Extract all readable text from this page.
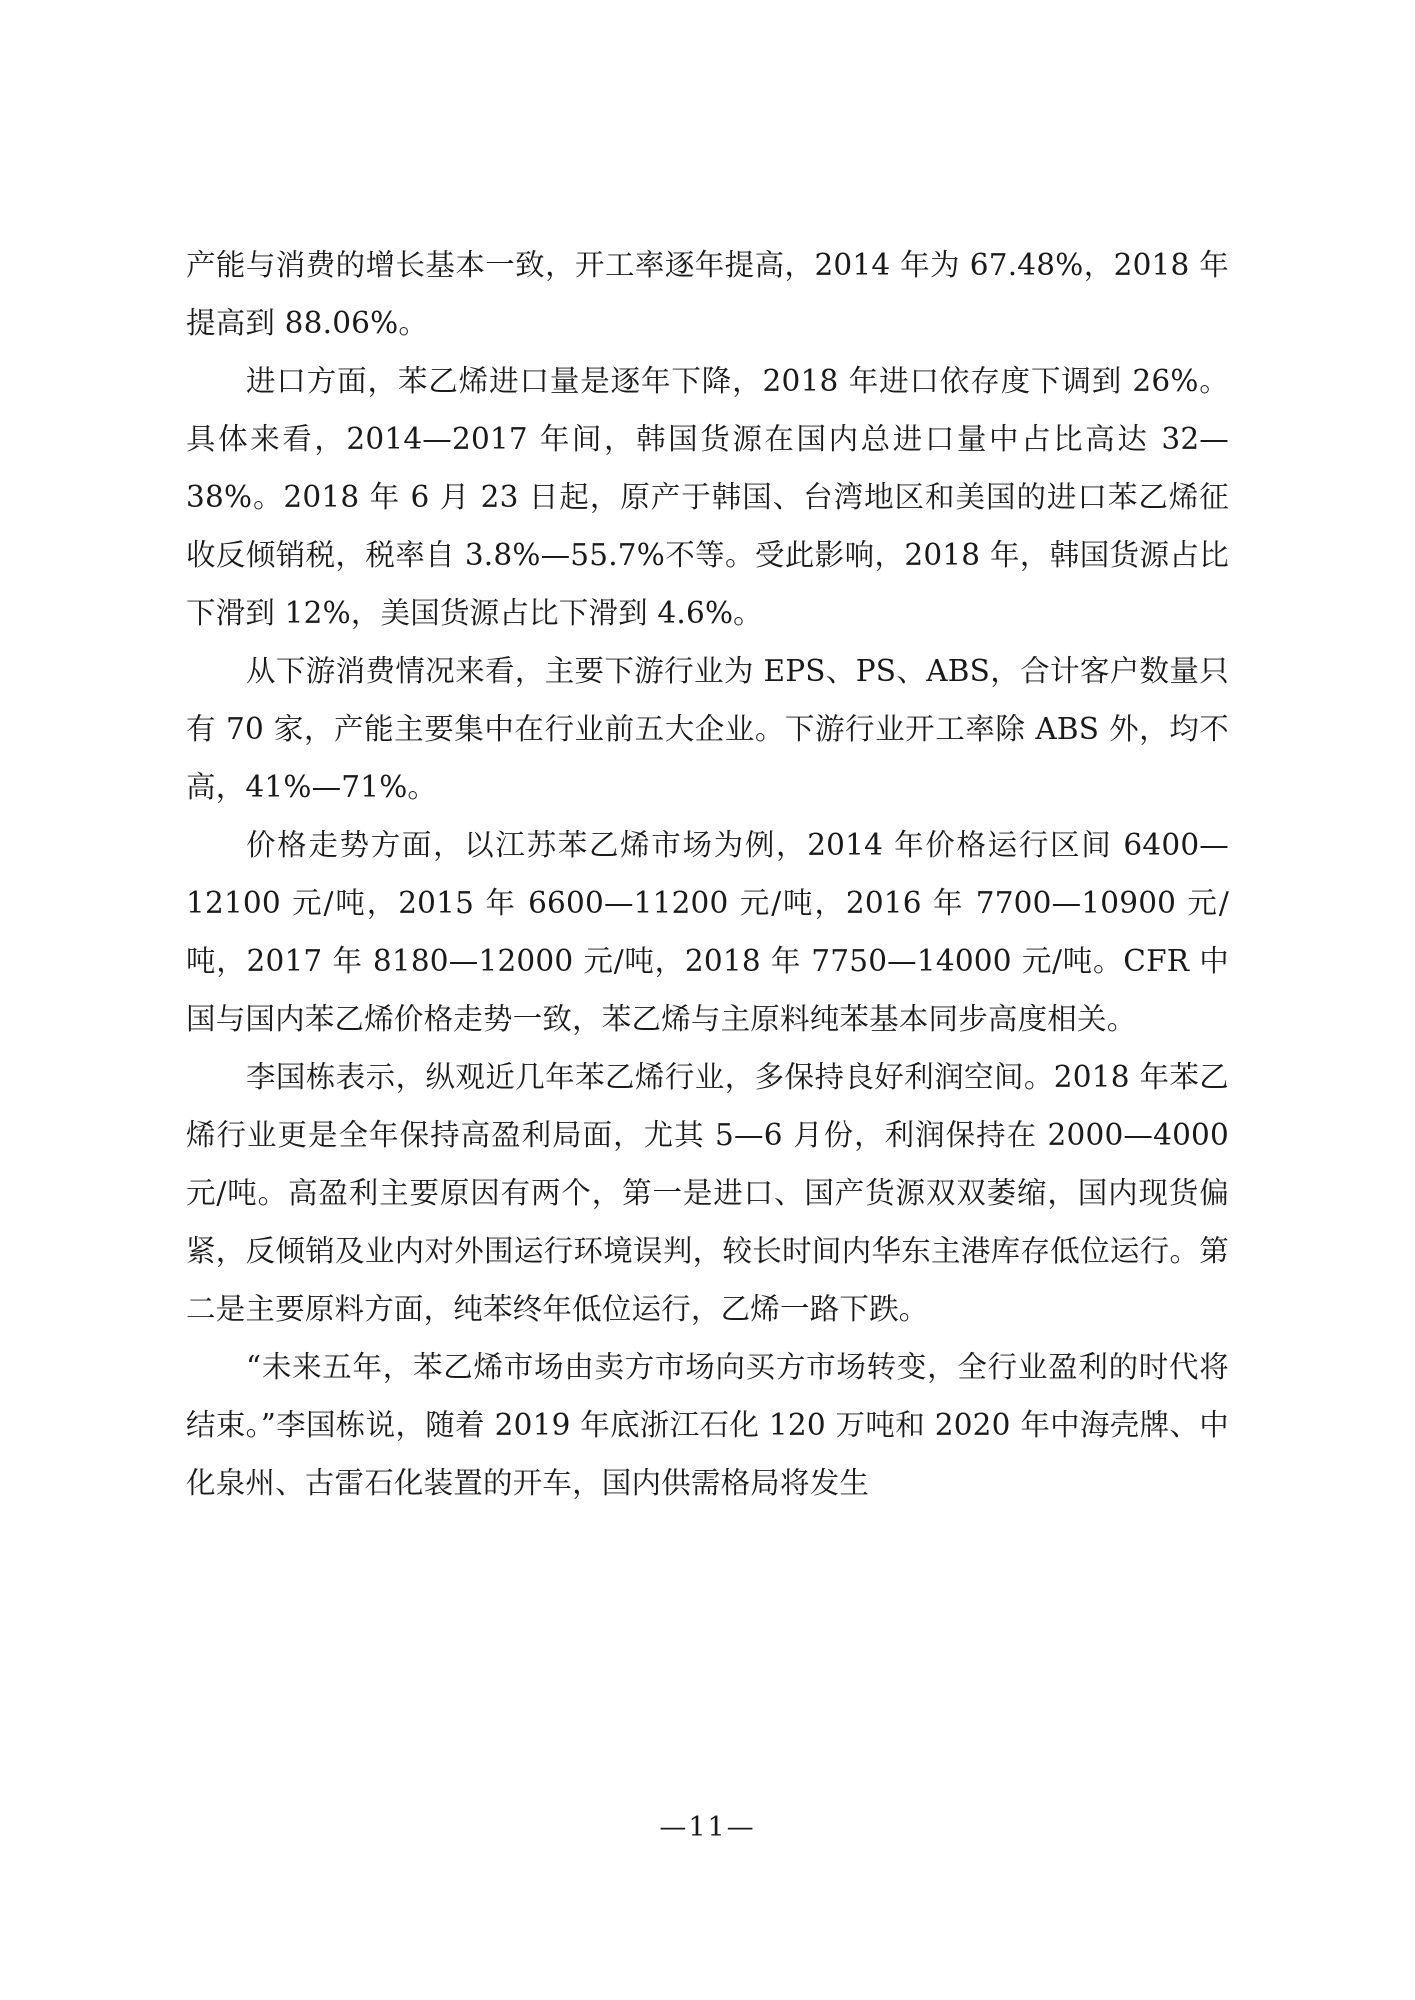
产能与消费的增长基本一致，开工率逐年提高，2014 年为 67.48%，2018 年提高到 88.06%。

进口方面，苯乙烯进口量是逐年下降，2018 年进口依存度下调到 26%。具体来看，2014—2017 年间，韩国货源在国内总进口量中占比高达 32—38%。2018 年 6 月 23 日起，原产于韩国、台湾地区和美国的进口苯乙烯征收反倾销税，税率自 3.8%—55.7%不等。受此影响，2018 年，韩国货源占比下滑到 12%，美国货源占比下滑到 4.6%。

从下游消费情况来看，主要下游行业为 EPS、PS、ABS，合计客户数量只有 70 家，产能主要集中在行业前五大企业。下游行业开工率除 ABS 外，均不高，41%—71%。

价格走势方面，以江苏苯乙烯市场为例，2014 年价格运行区间 6400—12100 元/吨，2015 年 6600—11200 元/吨，2016 年 7700—10900 元/吨，2017 年 8180—12000 元/吨，2018 年 7750—14000 元/吨。CFR 中国与国内苯乙烯价格走势一致，苯乙烯与主原料纯苯基本同步高度相关。

李国栋表示，纵观近几年苯乙烯行业，多保持良好利润空间。2018 年苯乙烯行业更是全年保持高盈利局面，尤其 5—6 月份，利润保持在 2000—4000 元/吨。高盈利主要原因有两个，第一是进口、国产货源双双萎缩，国内现货偏紧，反倾销及业内对外围运行环境误判，较长时间内华东主港库存低位运行。第二是主要原料方面，纯苯终年低位运行，乙烯一路下跌。

“未来五年，苯乙烯市场由卖方市场向买方市场转变，全行业盈利的时代将结束。”李国栋说，随着 2019 年底浙江石化 120 万吨和 2020 年中海壳牌、中化泉州、古雷石化装置的开车，国内供需格局将发生

—11—
